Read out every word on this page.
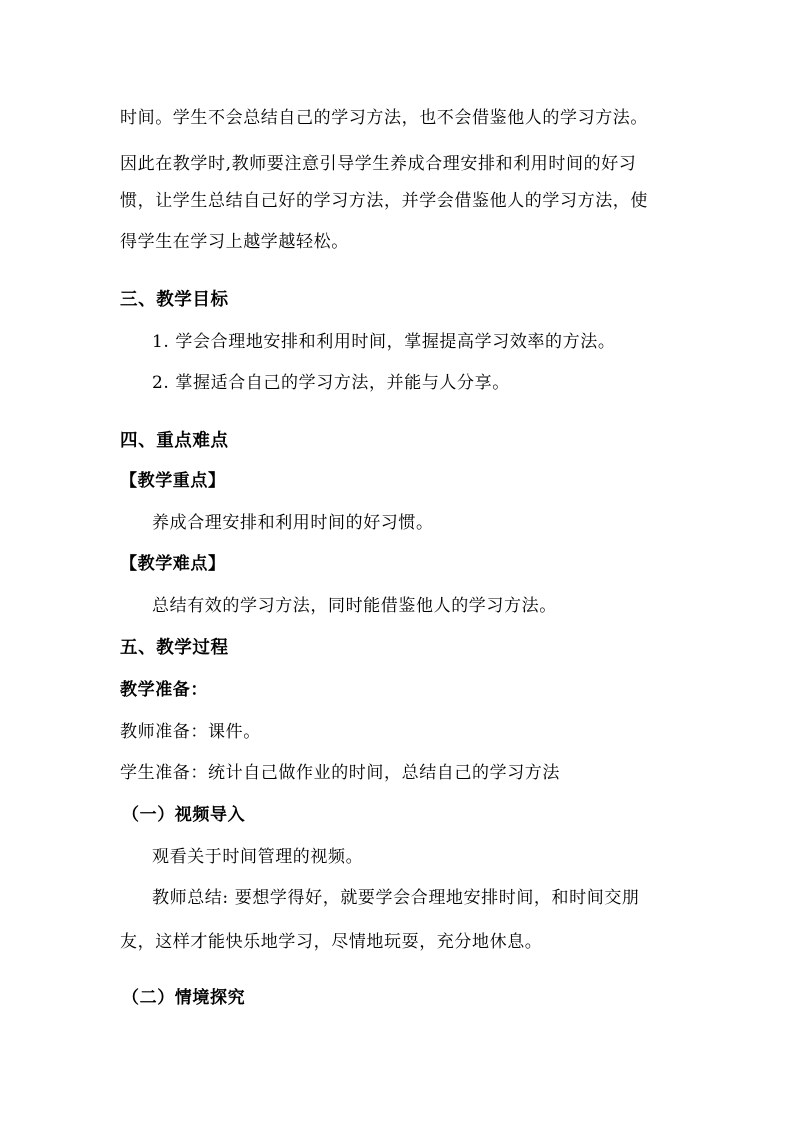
时间。学生不会总结自己的学习方法，也不会借鉴他人的学习方法。
因此在教学时,教师要注意引导学生养成合理安排和利用时间的好习
惯，让学生总结自己好的学习方法，并学会借鉴他人的学习方法，使
得学生在学习上越学越轻松。
三、教学目标
1. 学会合理地安排和利用时间，掌握提高学习效率的方法。
2. 掌握适合自己的学习方法，并能与人分享。
四、重点难点
【教学重点】
养成合理安排和利用时间的好习惯。
【教学难点】
总结有效的学习方法，同时能借鉴他人的学习方法。
五、教学过程
教学准备：
教师准备：课件。
学生准备：统计自己做作业的时间，总结自己的学习方法
（一）视频导入
观看关于时间管理的视频。
教师总结: 要想学得好，就要学会合理地安排时间，和时间交朋
友，这样才能快乐地学习，尽情地玩耍，充分地休息。
（二）情境探究
